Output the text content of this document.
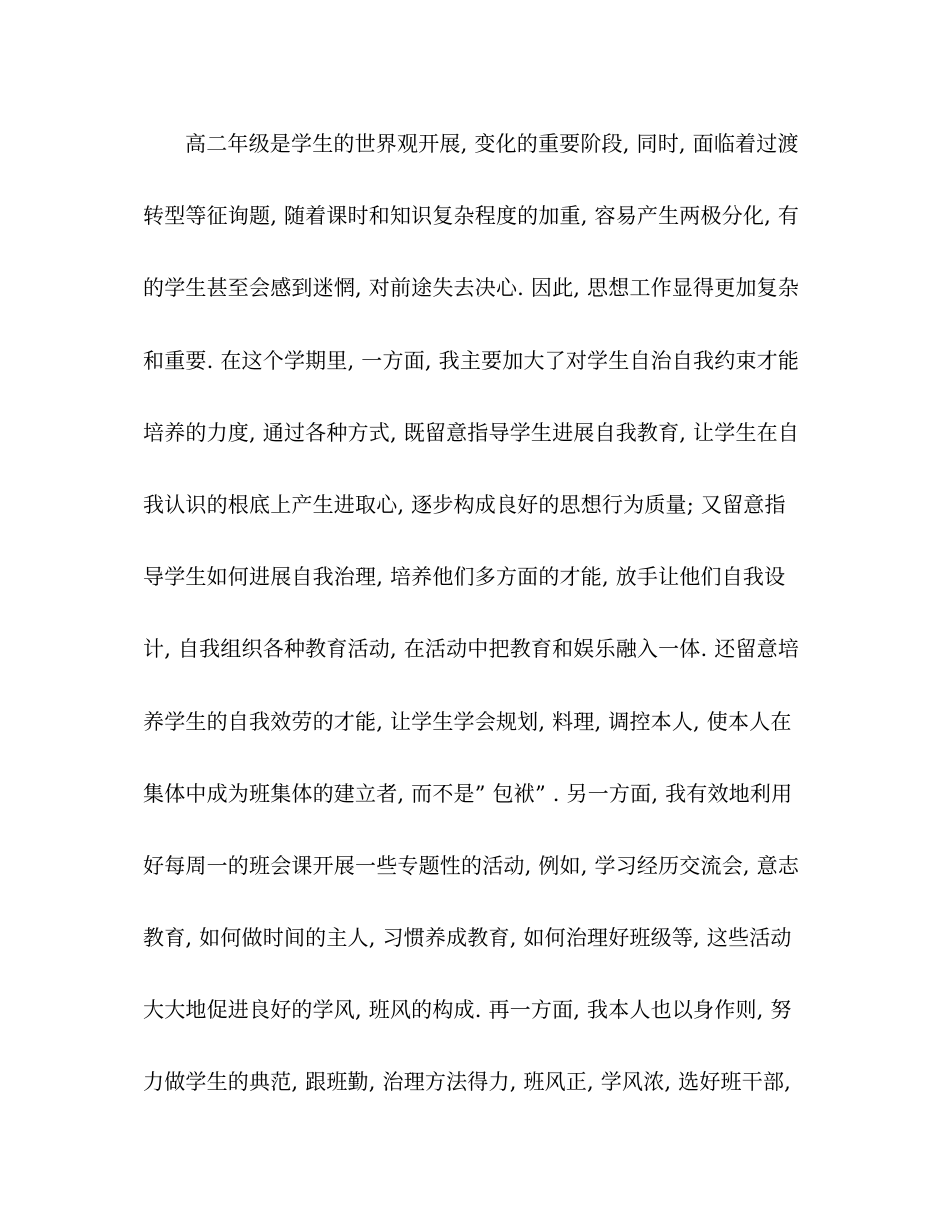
高二年级是学生的世界观开展, 变化的重要阶段, 同时, 面临着过渡
转型等征询题, 随着课时和知识复杂程度的加重, 容易产生两极分化, 有
的学生甚至会感到迷惘, 对前途失去决心. 因此, 思想工作显得更加复杂
和重要. 在这个学期里, 一方面, 我主要加大了对学生自治自我约束才能
培养的力度, 通过各种方式, 既留意指导学生进展自我教育, 让学生在自
我认识的根底上产生进取心, 逐步构成良好的思想行为质量; 又留意指
导学生如何进展自我治理, 培养他们多方面的才能, 放手让他们自我设
计, 自我组织各种教育活动, 在活动中把教育和娱乐融入一体. 还留意培
养学生的自我效劳的才能, 让学生学会规划, 料理, 调控本人, 使本人在
集体中成为班集体的建立者, 而不是” 包袱” . 另一方面, 我有效地利用
好每周一的班会课开展一些专题性的活动, 例如, 学习经历交流会, 意志
教育, 如何做时间的主人, 习惯养成教育, 如何治理好班级等, 这些活动
大大地促进良好的学风, 班风的构成. 再一方面, 我本人也以身作则, 努
力做学生的典范, 跟班勤, 治理方法得力, 班风正, 学风浓, 选好班干部,
